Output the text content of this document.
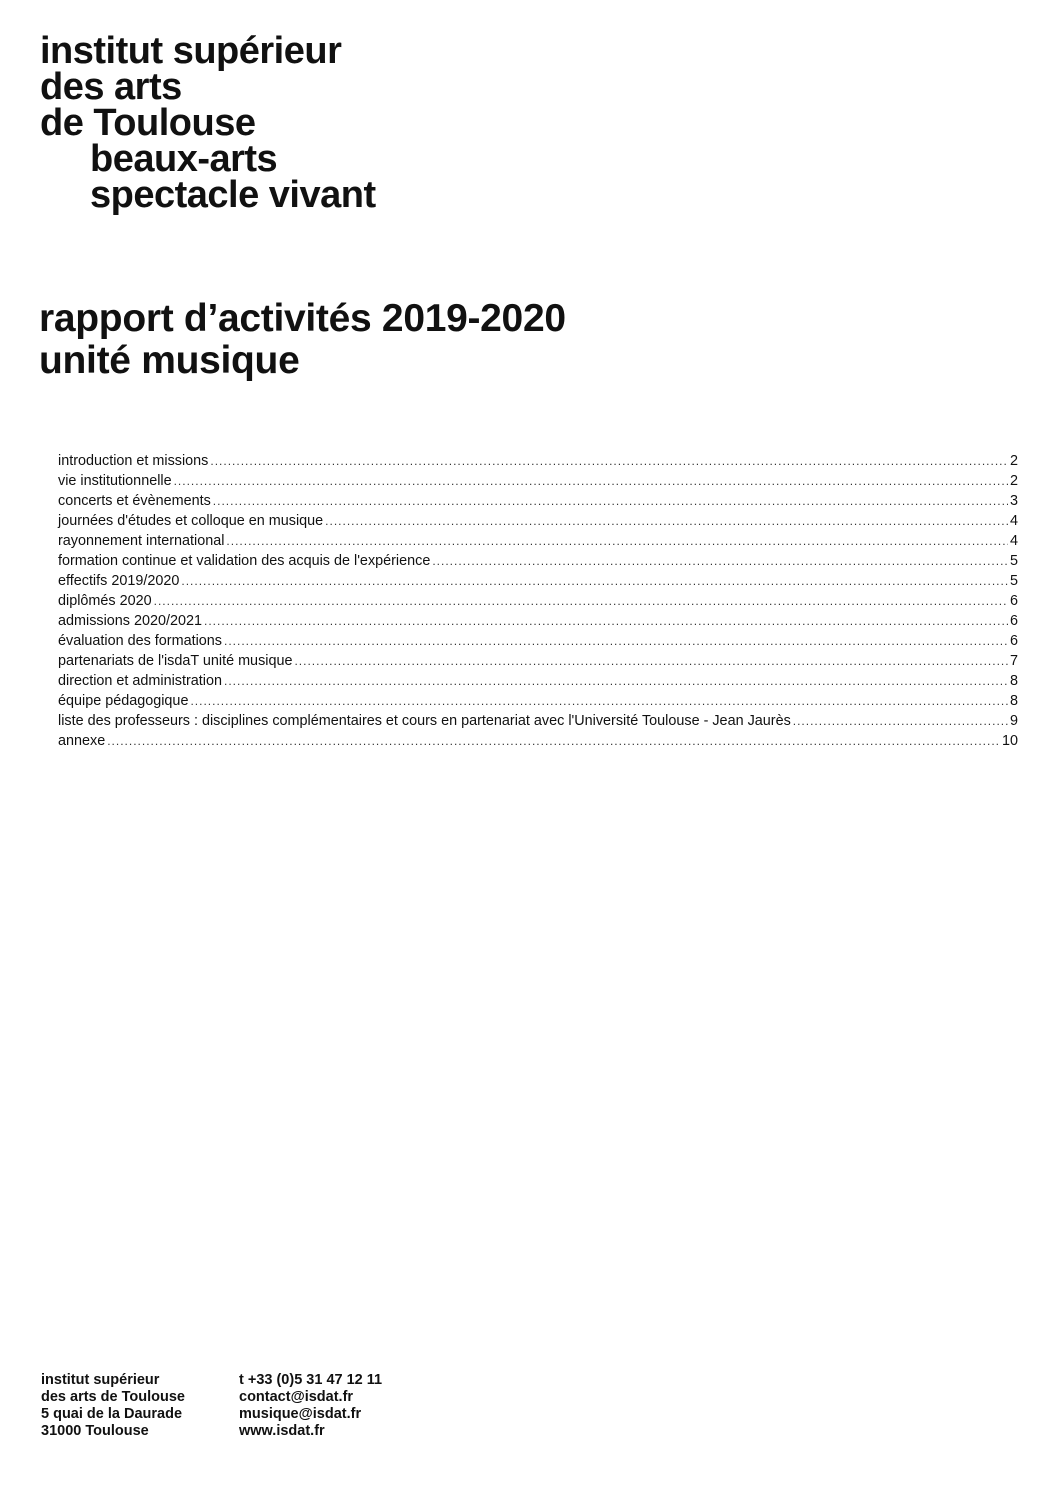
institut supérieur
des arts
de Toulouse
beaux-arts
spectacle vivant
rapport d’activités 2019-2020
unité musique
introduction et missions .....	2
vie institutionnelle .....	2
concerts et évènements .....	3
journées d'études et colloque en musique .....	4
rayonnement international .....	4
formation continue et validation des acquis de l'expérience .....	5
effectifs 2019/2020 .....	5
diplômés 2020 .....	6
admissions 2020/2021 .....	6
évaluation des formations .....	6
partenariats de l'isdaT unité musique .....	7
direction et administration .....	8
équipe pédagogique .....	8
liste des professeurs : disciplines complémentaires et cours en partenariat avec l'Université Toulouse - Jean Jaurès .....	9
annexe .....	10
institut supérieur
des arts de Toulouse
5 quai de la Daurade
31000 Toulouse
t +33 (0)5 31 47 12 11
contact@isdat.fr
musique@isdat.fr
www.isdat.fr
